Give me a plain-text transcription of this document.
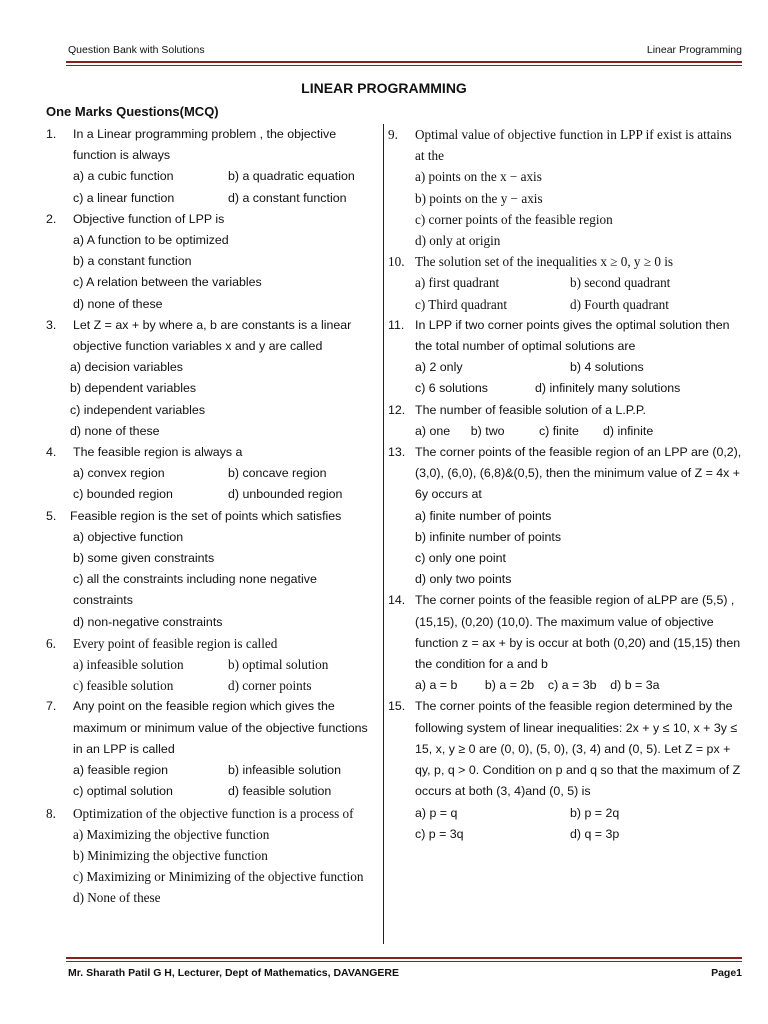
Question Bank with Solutions	Linear Programming
LINEAR PROGRAMMING
One Marks Questions(MCQ)
1.	In a Linear programming problem , the objective function is always
a) a cubic function	b) a quadratic equation
c) a linear function	d) a constant function
2.	Objective function of LPP is
a) A function to be optimized
b) a constant function
c) A relation between the variables
d) none of these
3.	Let Z = ax + by where a, b are constants is a linear objective function variables x and y are called
a) decision variables
b) dependent variables
c) independent variables
d) none of these
4.	The feasible region is always a
a) convex region	b) concave region
c) bounded region	d) unbounded region
5.	Feasible region is the set of points which satisfies
a) objective function
b) some given constraints
c) all the constraints including none negative constraints
d) non-negative constraints
6.	Every point of feasible region is called
a) infeasible solution	b) optimal solution
c) feasible solution	d) corner points
7.	Any point on the feasible region which gives the maximum or minimum value of the objective functions in an LPP is called
a) feasible region	b) infeasible solution
c) optimal solution	d) feasible solution
8.	Optimization of the objective function is a process of
a) Maximizing the objective function
b) Minimizing the objective function
c) Maximizing or Minimizing of the objective function
d) None of these
9.	Optimal value of objective function in LPP if exist is attains at the
a) points on the x − axis
b) points on the y − axis
c) corner points of the feasible region
d) only at origin
10. The solution set of the inequalities x ≥ 0, y ≥ 0 is
a) first quadrant	b) second quadrant
c) Third quadrant	d) Fourth quadrant
11. In LPP if two corner points gives the optimal solution then the total number of optimal solutions are
a) 2 only	b) 4 solutions
c) 6 solutions	d) infinitely many solutions
12. The number of feasible solution of a L.P.P.
a) one      b) two          c) finite       d) infinite
13. The corner points of the feasible region of an LPP are (0,2), (3,0), (6,0), (6,8)&(0,5), then the minimum value of Z = 4x + 6y occurs at
a) finite number of points
b) infinite number of points
c) only one point
d) only two points
14. The corner points of the feasible region of aLPP are (5,5) , (15,15), (0,20) (10,0). The maximum value of objective function z = ax + by is occur at both (0,20) and (15,15) then the condition for a and b
a) a = b        b) a = 2b    c) a = 3b    d) b = 3a
15. The corner points of the feasible region determined by the following system of linear inequalities: 2x + y ≤ 10, x + 3y ≤ 15, x, y ≥ 0 are (0, 0), (5, 0), (3, 4) and (0, 5). Let Z = px + qy, p, q > 0. Condition on p and q so that the maximum of Z occurs at both (3, 4)and (0, 5) is
a) p = q	b) p = 2q
c) p = 3q	d) q = 3p
Mr. Sharath Patil G H, Lecturer, Dept of Mathematics, DAVANGERE	Page1
